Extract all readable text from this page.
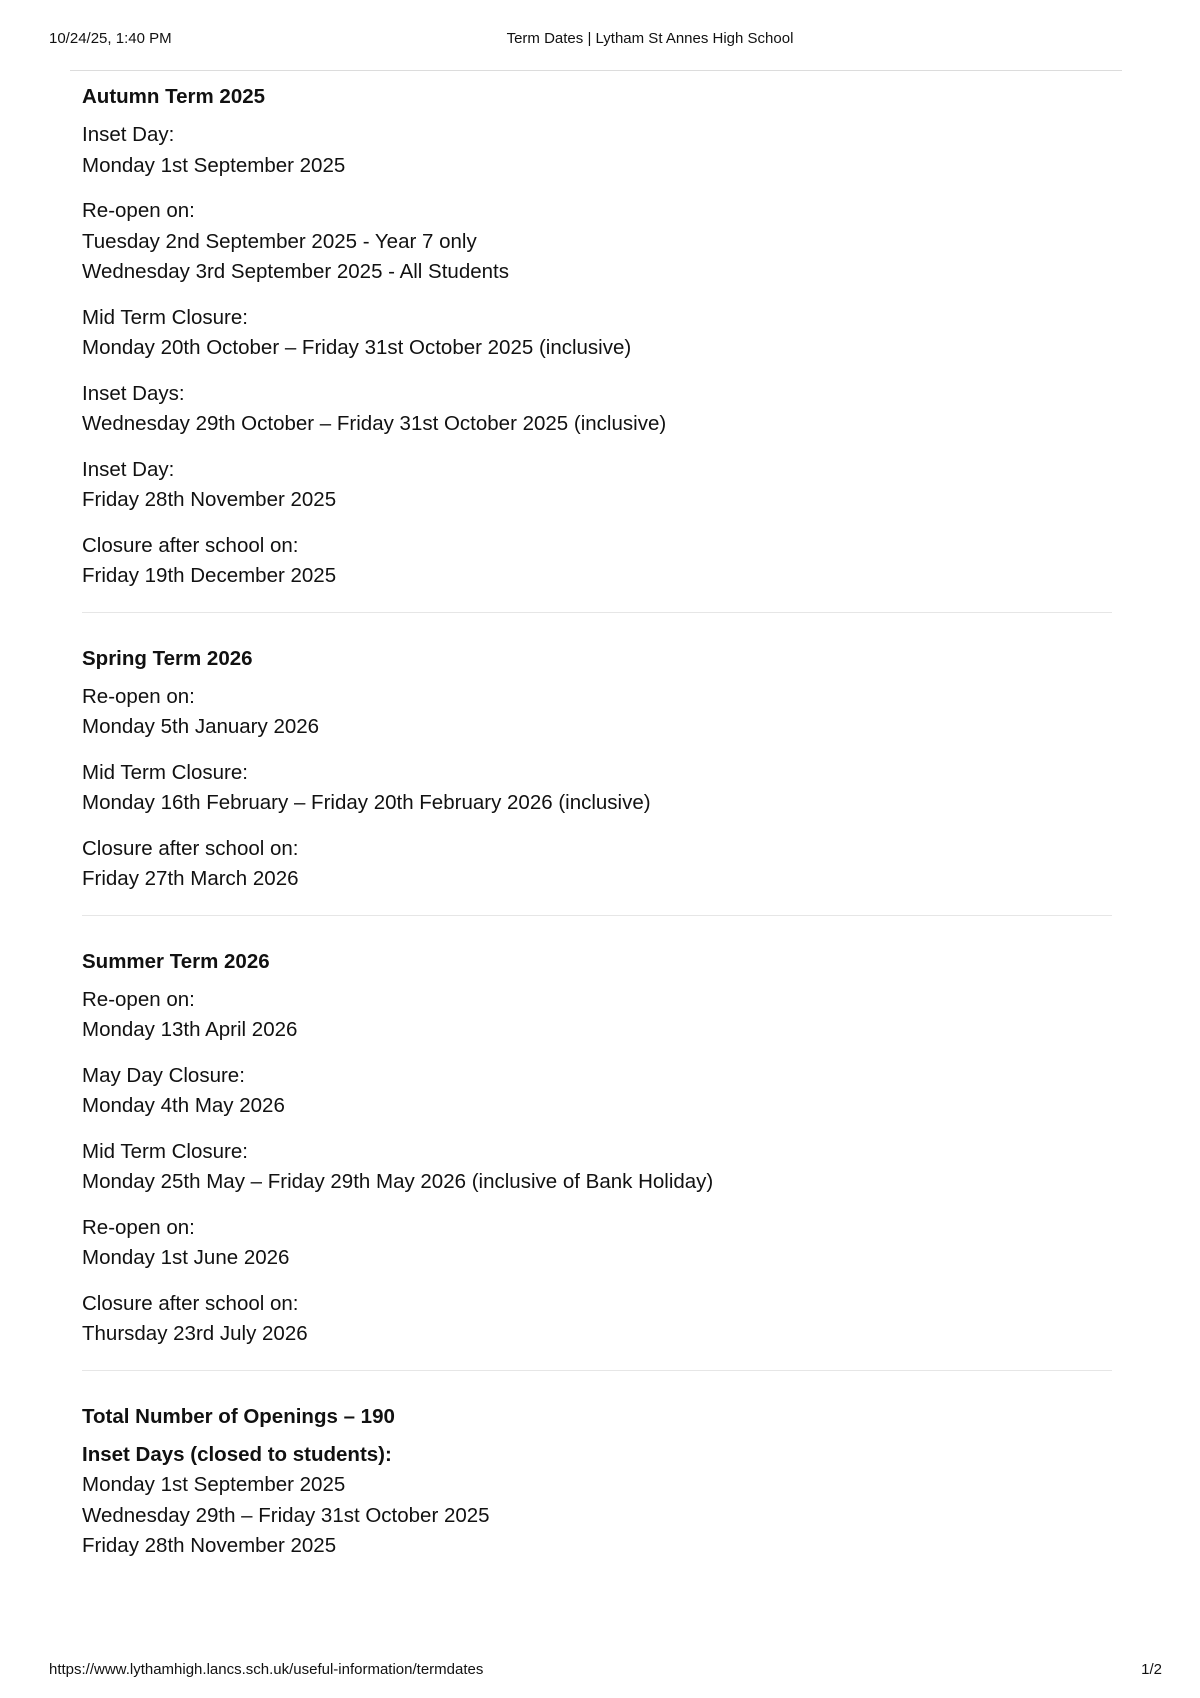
10/24/25, 1:40 PM	Term Dates | Lytham St Annes High School
Autumn Term 2025
Inset Day:
Monday 1st September 2025
Re-open on:
Tuesday 2nd September 2025 - Year 7 only
Wednesday 3rd September 2025 - All Students
Mid Term Closure:
Monday 20th October – Friday 31st October 2025 (inclusive)
Inset Days:
Wednesday 29th October – Friday 31st October 2025 (inclusive)
Inset Day:
Friday 28th November 2025
Closure after school on:
Friday 19th December 2025
Spring Term 2026
Re-open on:
Monday 5th January 2026
Mid Term Closure:
Monday 16th February – Friday 20th February 2026 (inclusive)
Closure after school on:
Friday 27th March 2026
Summer Term 2026
Re-open on:
Monday 13th April 2026
May Day Closure:
Monday 4th May 2026
Mid Term Closure:
Monday 25th May – Friday 29th May 2026 (inclusive of Bank Holiday)
Re-open on:
Monday 1st June 2026
Closure after school on:
Thursday 23rd July 2026
Total Number of Openings – 190
Inset Days (closed to students):
Monday 1st September 2025
Wednesday 29th – Friday 31st October 2025
Friday 28th November 2025
https://www.lythamhigh.lancs.sch.uk/useful-information/termdates	1/2
